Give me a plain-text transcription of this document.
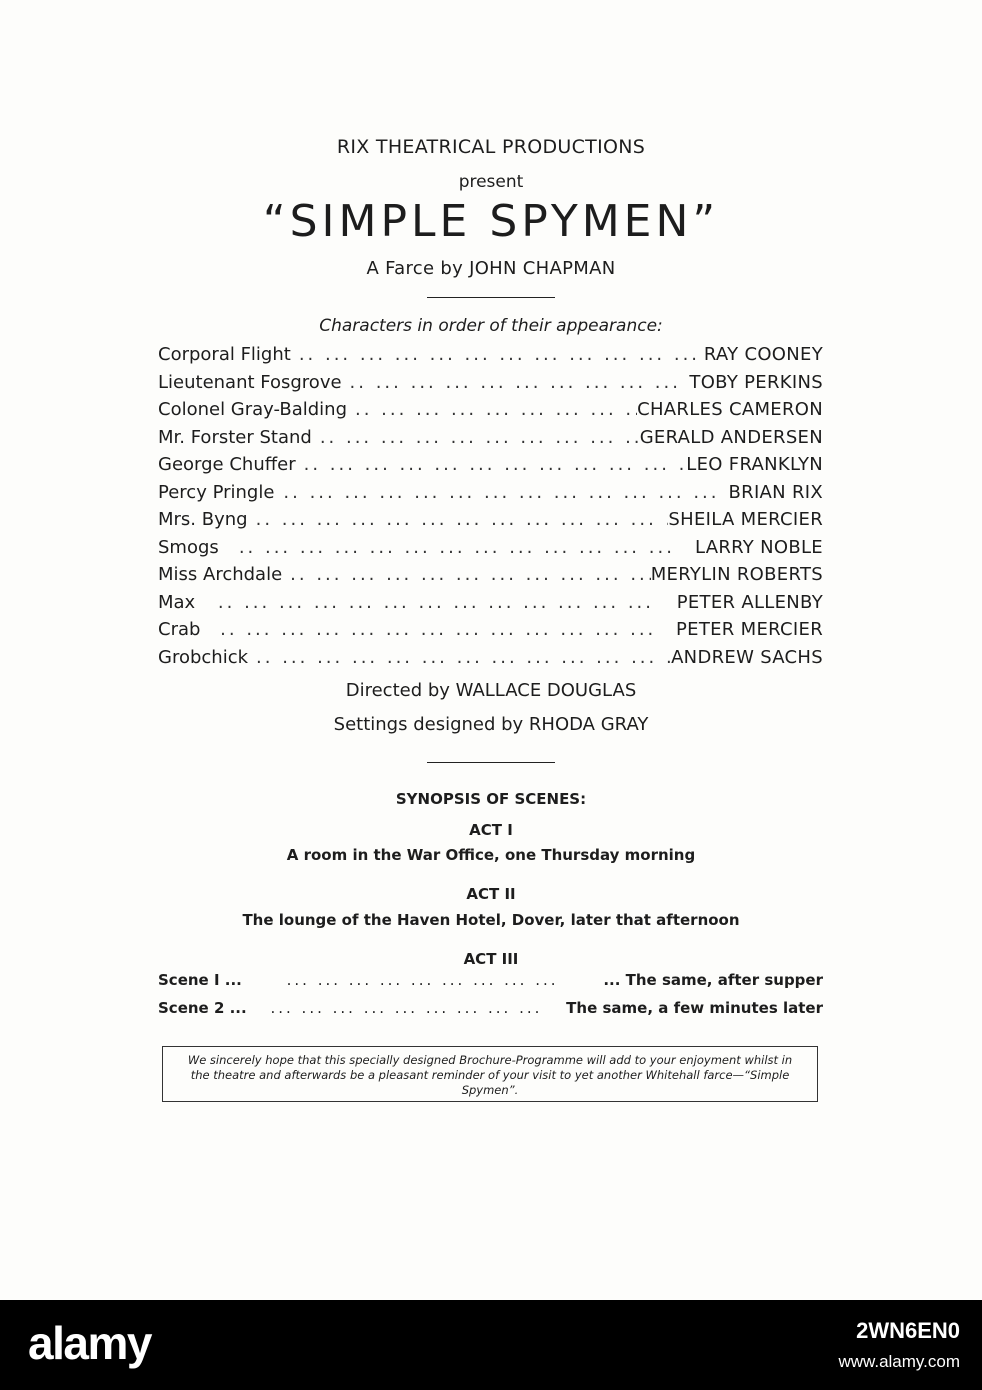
RIX THEATRICAL PRODUCTIONS
present
“SIMPLE SPYMEN”
A Farce by JOHN CHAPMAN
Characters in order of their appearance:
Corporal Flight .. .	RAY COONEY
Lieutenant Fosgrove .. .	TOBY PERKINS
Colonel Gray-Balding .. .	CHARLES CAMERON
Mr. Forster Stand .. .	GERALD ANDERSEN
George Chuffer .. .	LEO FRANKLYN
Percy Pringle .. .	BRIAN RIX
Mrs. Byng .. .	SHEILA MERCIER
Smogs .. .	LARRY NOBLE
Miss Archdale .. .	MERYLIN ROBERTS
Max .. .	PETER ALLENBY
Crab .. .	PETER MERCIER
Grobchick .. .	ANDREW SACHS
Directed by WALLACE DOUGLAS
Settings designed by RHODA GRAY
SYNOPSIS OF SCENES:
ACT I
A room in the War Office, one Thursday morning
ACT II
The lounge of the Haven Hotel, Dover, later that afternoon
ACT III
Scene I ... ...	... The same, after supper
Scene 2 ... ...	The same, a few minutes later
We sincerely hope that this specially designed Brochure-Programme will add to your enjoyment whilst in the theatre and afterwards be a pleasant reminder of your visit to yet another Whitehall farce—“Simple Spymen”.
alamy	2WN6EN0
www.alamy.com
